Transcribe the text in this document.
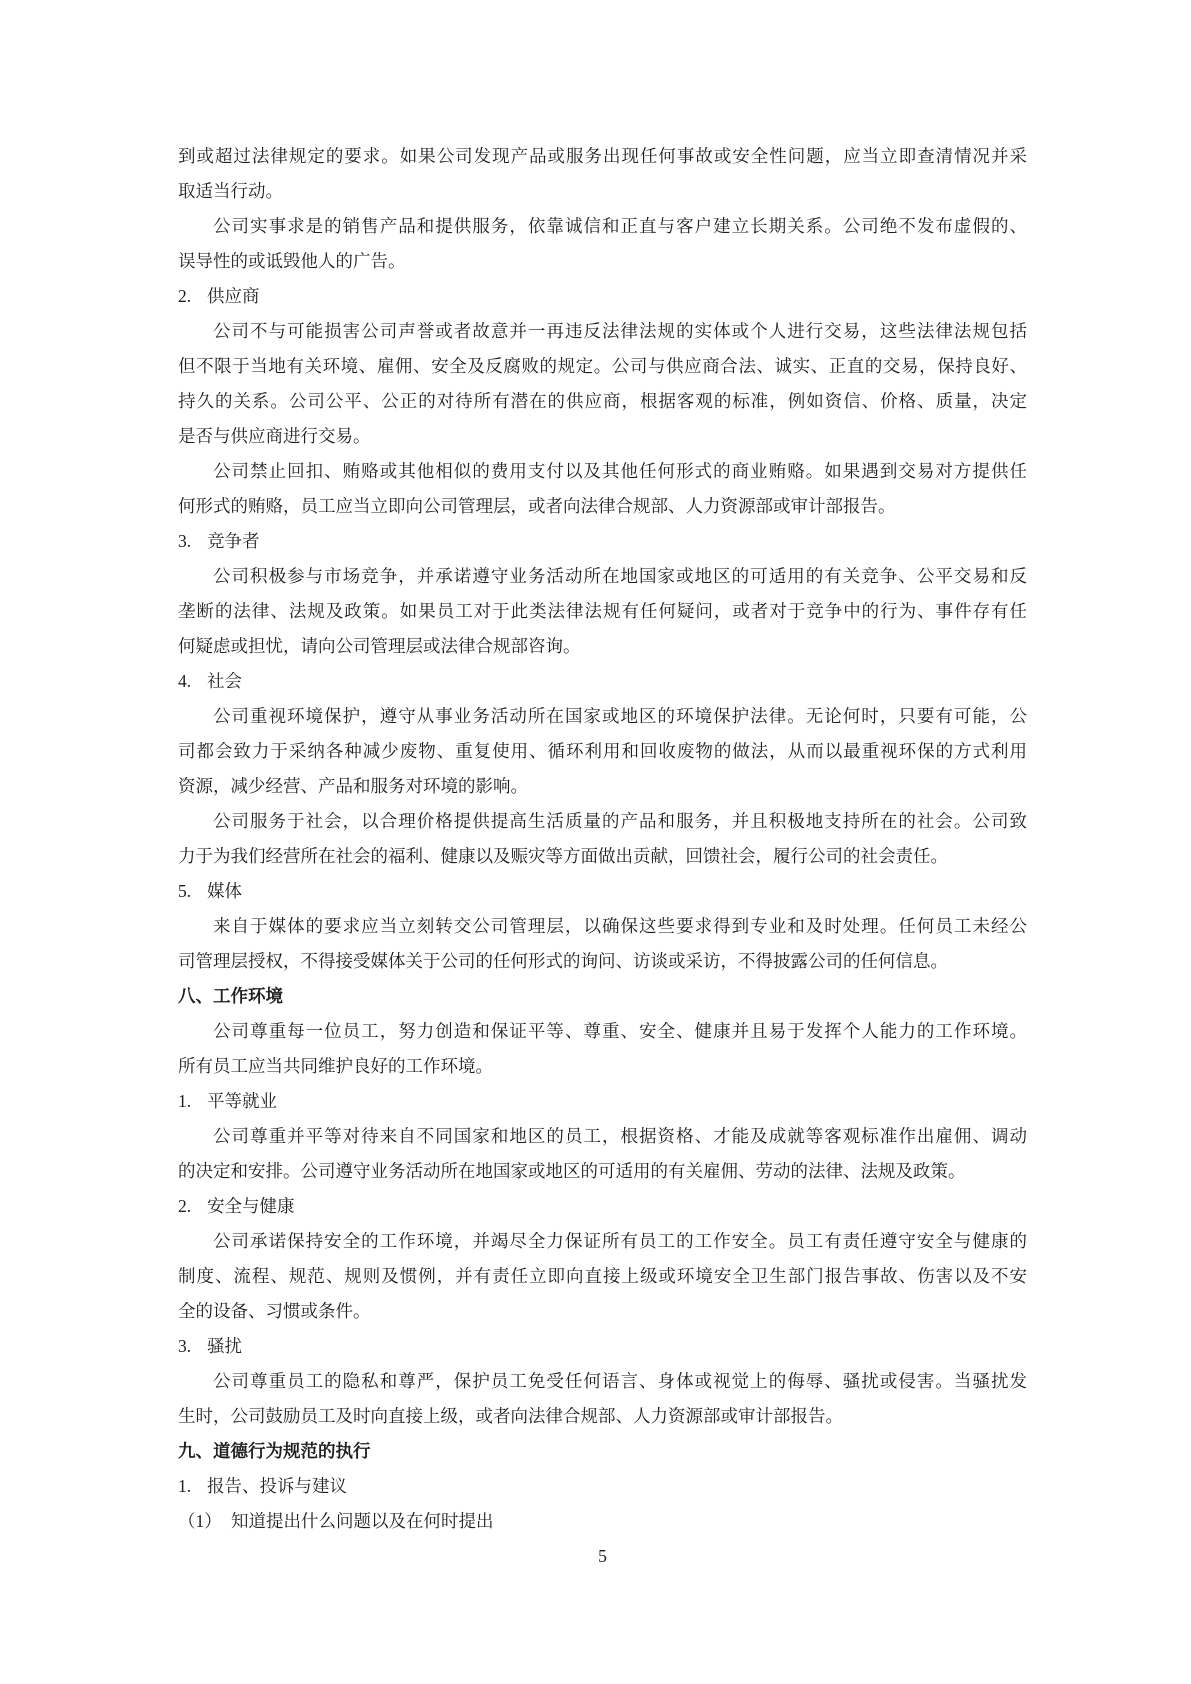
到或超过法律规定的要求。如果公司发现产品或服务出现任何事故或安全性问题，应当立即查清情况并采
取适当行动。
公司实事求是的销售产品和提供服务，依靠诚信和正直与客户建立长期关系。公司绝不发布虚假的、
误导性的或诋毁他人的广告。
2. 供应商
公司不与可能损害公司声誉或者故意并一再违反法律法规的实体或个人进行交易，这些法律法规包括
但不限于当地有关环境、雇佣、安全及反腐败的规定。公司与供应商合法、诚实、正直的交易，保持良好、
持久的关系。公司公平、公正的对待所有潜在的供应商，根据客观的标准，例如资信、价格、质量，决定
是否与供应商进行交易。
公司禁止回扣、贿赂或其他相似的费用支付以及其他任何形式的商业贿赂。如果遇到交易对方提供任
何形式的贿赂，员工应当立即向公司管理层，或者向法律合规部、人力资源部或审计部报告。
3. 竞争者
公司积极参与市场竞争，并承诺遵守业务活动所在地国家或地区的可适用的有关竞争、公平交易和反
垄断的法律、法规及政策。如果员工对于此类法律法规有任何疑问，或者对于竞争中的行为、事件存有任
何疑虑或担忧，请向公司管理层或法律合规部咨询。
4. 社会
公司重视环境保护，遵守从事业务活动所在国家或地区的环境保护法律。无论何时，只要有可能，公
司都会致力于采纳各种减少废物、重复使用、循环利用和回收废物的做法，从而以最重视环保的方式利用
资源，减少经营、产品和服务对环境的影响。
公司服务于社会，以合理价格提供提高生活质量的产品和服务，并且积极地支持所在的社会。公司致
力于为我们经营所在社会的福利、健康以及赈灾等方面做出贡献，回馈社会，履行公司的社会责任。
5. 媒体
来自于媒体的要求应当立刻转交公司管理层，以确保这些要求得到专业和及时处理。任何员工未经公
司管理层授权，不得接受媒体关于公司的任何形式的询问、访谈或采访，不得披露公司的任何信息。
八、工作环境
公司尊重每一位员工，努力创造和保证平等、尊重、安全、健康并且易于发挥个人能力的工作环境。
所有员工应当共同维护良好的工作环境。
1. 平等就业
公司尊重并平等对待来自不同国家和地区的员工，根据资格、才能及成就等客观标准作出雇佣、调动
的决定和安排。公司遵守业务活动所在地国家或地区的可适用的有关雇佣、劳动的法律、法规及政策。
2. 安全与健康
公司承诺保持安全的工作环境，并竭尽全力保证所有员工的工作安全。员工有责任遵守安全与健康的
制度、流程、规范、规则及惯例，并有责任立即向直接上级或环境安全卫生部门报告事故、伤害以及不安
全的设备、习惯或条件。
3. 骚扰
公司尊重员工的隐私和尊严，保护员工免受任何语言、身体或视觉上的侮辱、骚扰或侵害。当骚扰发
生时，公司鼓励员工及时向直接上级，或者向法律合规部、人力资源部或审计部报告。
九、道德行为规范的执行
1. 报告、投诉与建议
（1） 知道提出什么问题以及在何时提出
5
